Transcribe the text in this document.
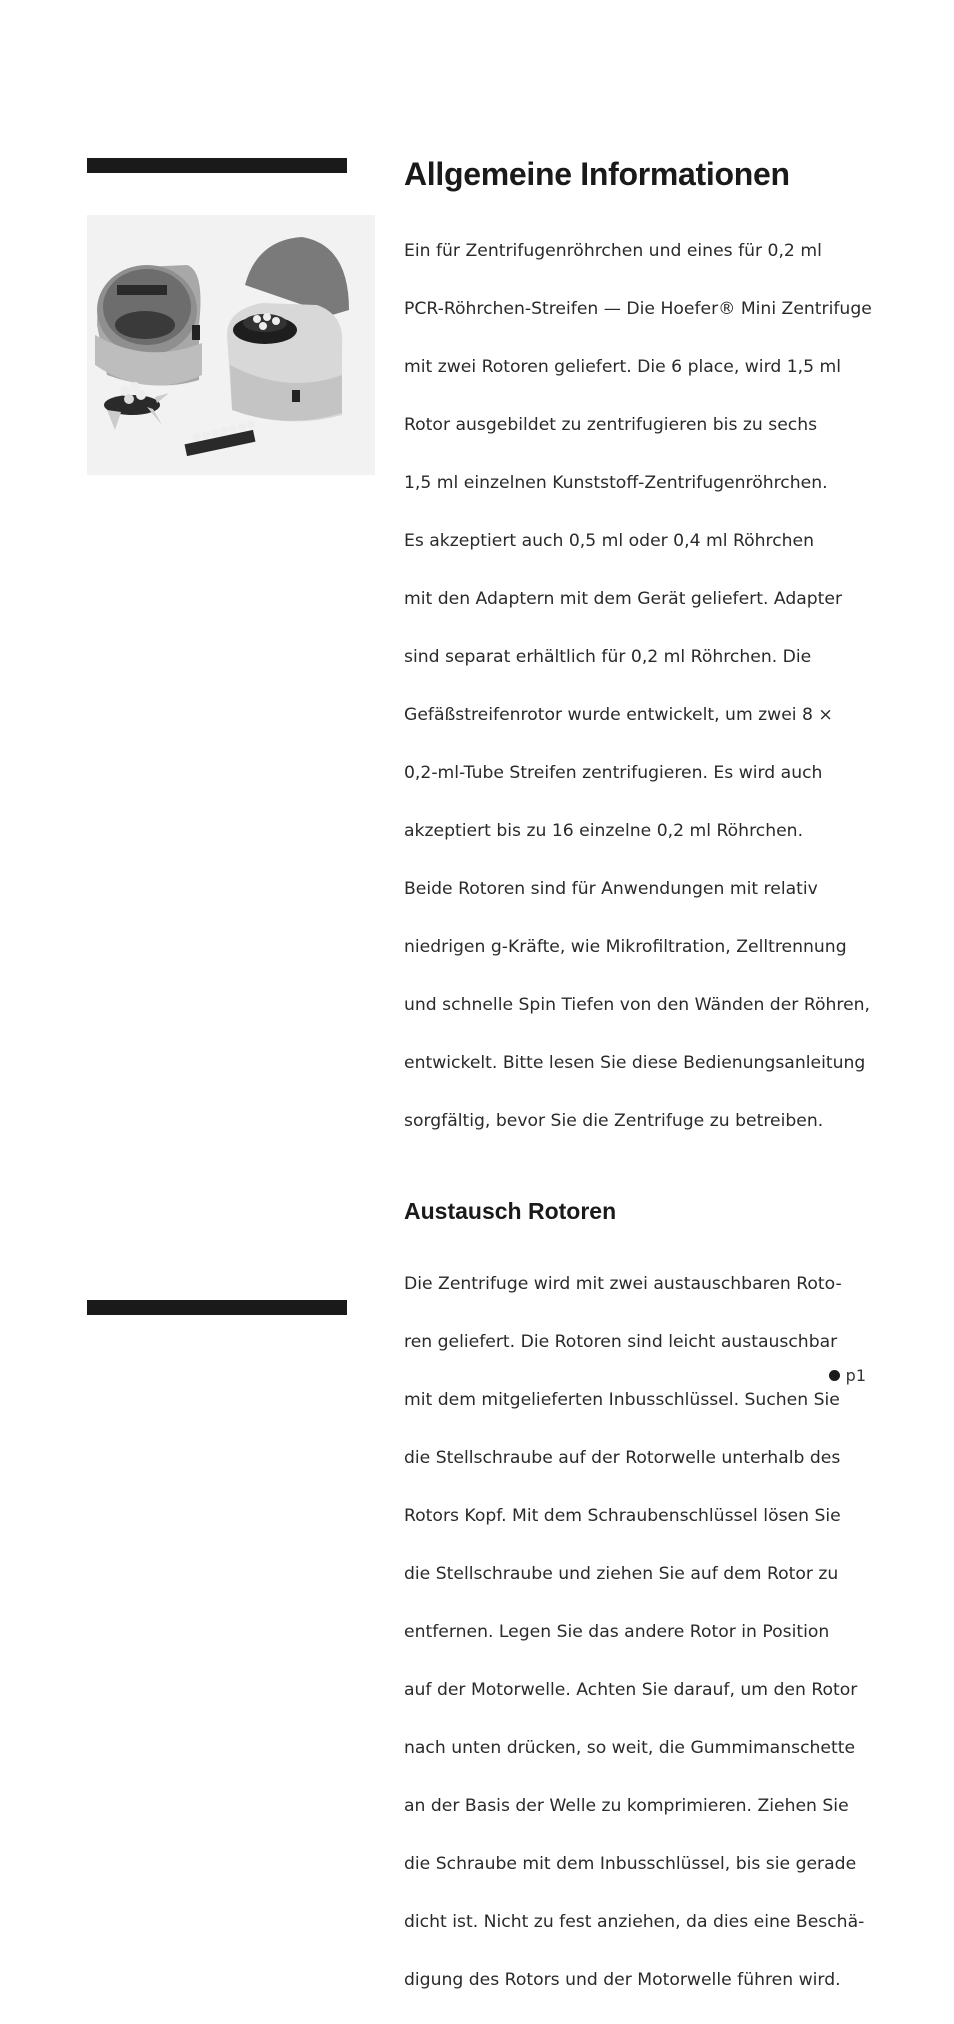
Allgemeine Informationen

Ein für Zentrifugenröhrchen und eines für 0,2 ml

PCR-Röhrchen-Streifen — Die Hoefer® Mini Zentrifuge

mit zwei Rotoren geliefert. Die 6 place, wird 1,5 ml

Rotor ausgebildet zu zentrifugieren bis zu sechs

1,5 ml einzelnen Kunststoff-Zentrifugenröhrchen.

Es akzeptiert auch 0,5 ml oder 0,4 ml Röhrchen

mit den Adaptern mit dem Gerät geliefert. Adapter

sind separat erhältlich für 0,2 ml Röhrchen. Die

Gefäßstreifenrotor wurde entwickelt, um zwei 8 ×

0,2-ml-Tube Streifen zentrifugieren. Es wird auch

akzeptiert bis zu 16 einzelne 0,2 ml Röhrchen.

Beide Rotoren sind für Anwendungen mit relativ

niedrigen g-Kräfte, wie Mikrofiltration, Zelltrennung

und schnelle Spin Tiefen von den Wänden der Röhren,

entwickelt. Bitte lesen Sie diese Bedienungsanleitung

sorgfältig, bevor Sie die Zentrifuge zu betreiben.

Austausch Rotoren

Die Zentrifuge wird mit zwei austauschbaren Roto-

ren geliefert. Die Rotoren sind leicht austauschbar

mit dem mitgelieferten Inbusschlüssel. Suchen Sie

die Stellschraube auf der Rotorwelle unterhalb des

Rotors Kopf. Mit dem Schraubenschlüssel lösen Sie

die Stellschraube und ziehen Sie auf dem Rotor zu

entfernen. Legen Sie das andere Rotor in Position

auf der Motorwelle. Achten Sie darauf, um den Rotor

nach unten drücken, so weit, die Gummimanschette

an der Basis der Welle zu komprimieren. Ziehen Sie

die Schraube mit dem Inbusschlüssel, bis sie gerade

dicht ist. Nicht zu fest anziehen, da dies eine Beschä-

digung des Rotors und der Motorwelle führen wird.

p1
